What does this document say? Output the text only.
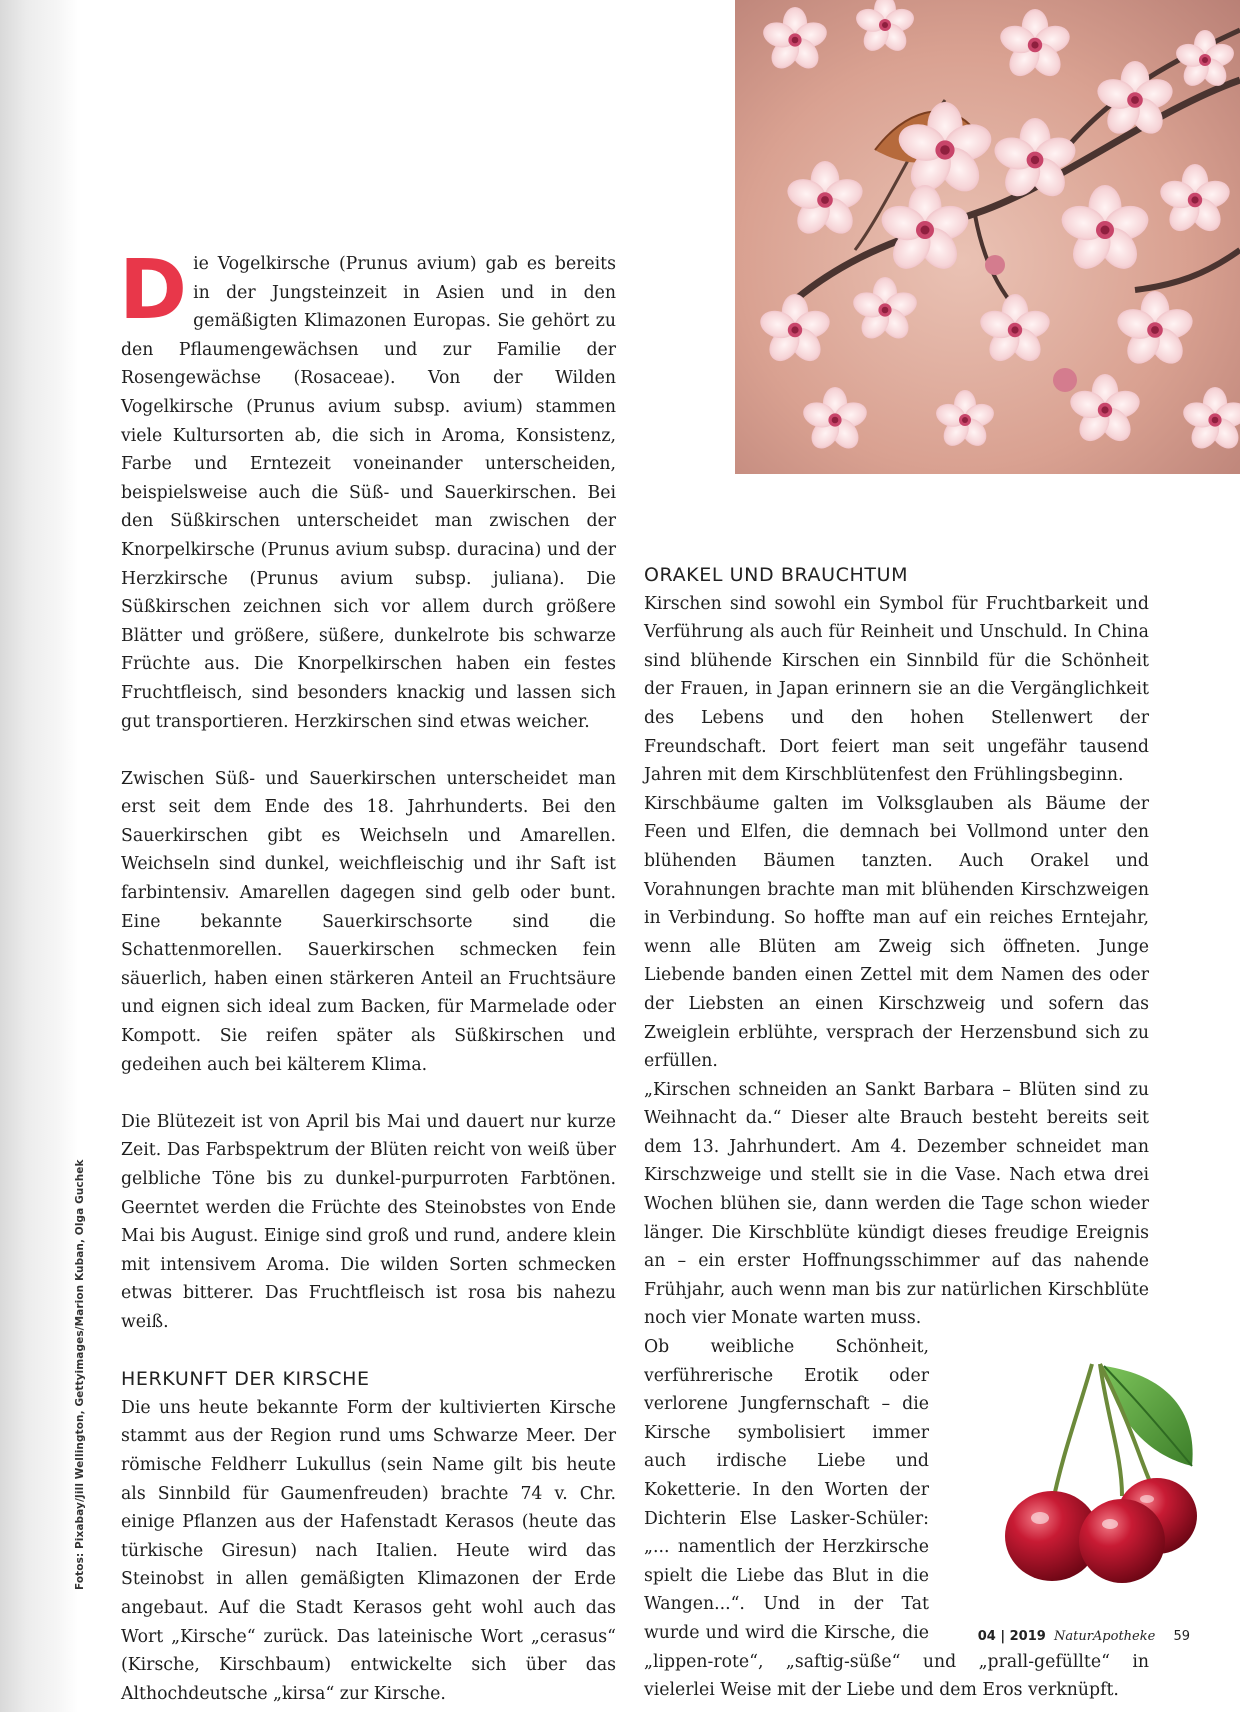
Fotos: Pixabay/Jill Wellington, Gettyimages/Marion Kuban, Olga Guchek

Die Vogelkirsche (Prunus avium) gab es bereits in der Jungsteinzeit in Asien und in den gemäßigten Klimazonen Europas. Sie gehört zu den Pflaumengewächsen und zur Familie der Rosengewächse (Rosaceae). Von der Wilden Vogelkirsche (Prunus avium subsp. avium) stammen viele Kultursorten ab, die sich in Aroma, Konsistenz, Farbe und Erntezeit voneinander unterscheiden, beispielsweise auch die Süß- und Sauerkirschen. Bei den Süßkirschen unterscheidet man zwischen der Knorpelkirsche (Prunus avium subsp. duracina) und der Herzkirsche (Prunus avium subsp. juliana). Die Süßkirschen zeichnen sich vor allem durch größere Blätter und größere, süßere, dunkelrote bis schwarze Früchte aus. Die Knorpelkirschen haben ein festes Fruchtfleisch, sind besonders knackig und lassen sich gut transportieren. Herzkirschen sind etwas weicher.

Zwischen Süß- und Sauerkirschen unterscheidet man erst seit dem Ende des 18. Jahrhunderts. Bei den Sauerkirschen gibt es Weichseln und Amarellen. Weichseln sind dunkel, weichfleischig und ihr Saft ist farbintensiv. Amarellen dagegen sind gelb oder bunt. Eine bekannte Sauerkirschsorte sind die Schattenmorellen. Sauerkirschen schmecken fein säuerlich, haben einen stärkeren Anteil an Fruchtsäure und eignen sich ideal zum Backen, für Marmelade oder Kompott. Sie reifen später als Süßkirschen und gedeihen auch bei kälterem Klima.

Die Blütezeit ist von April bis Mai und dauert nur kurze Zeit. Das Farbspektrum der Blüten reicht von weiß über gelbliche Töne bis zu dunkel-purpurroten Farbtönen. Geerntet werden die Früchte des Steinobstes von Ende Mai bis August. Einige sind groß und rund, andere klein mit intensivem Aroma. Die wilden Sorten schmecken etwas bitterer. Das Fruchtfleisch ist rosa bis nahezu weiß.

HERKUNFT DER KIRSCHE

Die uns heute bekannte Form der kultivierten Kirsche stammt aus der Region rund ums Schwarze Meer. Der römische Feldherr Lukullus (sein Name gilt bis heute als Sinnbild für Gaumenfreuden) brachte 74 v. Chr. einige Pflanzen aus der Hafenstadt Kerasos (heute das türkische Giresun) nach Italien. Heute wird das Steinobst in allen gemäßigten Klimazonen der Erde angebaut. Auf die Stadt Kerasos geht wohl auch das Wort „Kirsche“ zurück. Das lateinische Wort „cerasus“ (Kirsche, Kirschbaum) entwickelte sich über das Althochdeutsche „kirsa“ zur Kirsche.

ORAKEL UND BRAUCHTUM

Kirschen sind sowohl ein Symbol für Fruchtbarkeit und Verführung als auch für Reinheit und Unschuld. In China sind blühende Kirschen ein Sinnbild für die Schönheit der Frauen, in Japan erinnern sie an die Vergänglichkeit des Lebens und den hohen Stellenwert der Freundschaft. Dort feiert man seit ungefähr tausend Jahren mit dem Kirschblütenfest den Frühlingsbeginn.

Kirschbäume galten im Volksglauben als Bäume der Feen und Elfen, die demnach bei Vollmond unter den blühenden Bäumen tanzten. Auch Orakel und Vorahnungen brachte man mit blühenden Kirschzweigen in Verbindung. So hoffte man auf ein reiches Erntejahr, wenn alle Blüten am Zweig sich öffneten. Junge Liebende banden einen Zettel mit dem Namen des oder der Liebsten an einen Kirschzweig und sofern das Zweiglein erblühte, versprach der Herzensbund sich zu erfüllen.

„Kirschen schneiden an Sankt Barbara – Blüten sind zu Weihnacht da.“ Dieser alte Brauch besteht bereits seit dem 13. Jahrhundert. Am 4. Dezember schneidet man Kirschzweige und stellt sie in die Vase. Nach etwa drei Wochen blühen sie, dann werden die Tage schon wieder länger. Die Kirschblüte kündigt dieses freudige Ereignis an – ein erster Hoffnungsschimmer auf das nahende Frühjahr, auch wenn man bis zur natürlichen Kirschblüte noch vier Monate warten muss.

Ob weibliche Schönheit, verführerische Erotik oder verlorene Jungfernschaft – die Kirsche symbolisiert immer auch irdische Liebe und Koketterie. In den Worten der Dichterin Else Lasker-Schüler: „... namentlich der Herzkirsche spielt die Liebe das Blut in die Wangen...“. Und in der Tat wurde und wird die Kirsche, die „lippen-rote“, „saftig-süße“ und „prall-gefüllte“ in vielerlei Weise mit der Liebe und dem Eros verknüpft.

04 | 2019 NaturApotheke 59
